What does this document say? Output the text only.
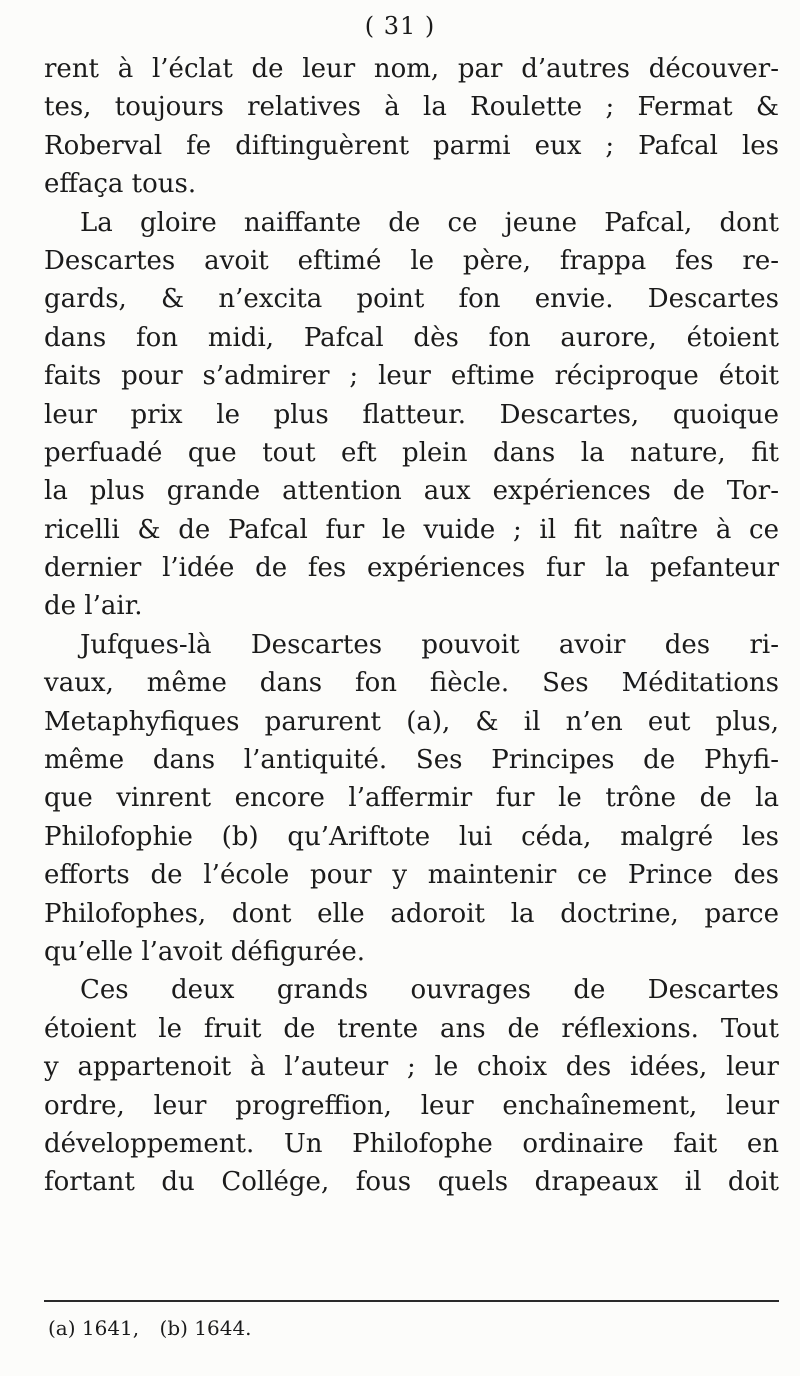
( 31 )
rent à l’éclat de leur nom, par d’autres découver-
tes, toujours relatives à la Roulette ; Fermat &
Roberval fe diftinguèrent parmi eux ; Pafcal les
effaça tous.
La gloire naiffante de ce jeune Pafcal, dont
Descartes avoit eftimé le père, frappa fes re-
gards, & n’excita point fon envie. Descartes
dans fon midi, Pafcal dès fon aurore, étoient
faits pour s’admirer ; leur eftime réciproque étoit
leur prix le plus flatteur. Descartes, quoique
perfuadé que tout eft plein dans la nature, fit
la plus grande attention aux expériences de Tor-
ricelli & de Pafcal fur le vuide ; il fit naître à ce
dernier l’idée de fes expériences fur la pefanteur
de l’air.
Jufques-là Descartes pouvoit avoir des ri-
vaux, même dans fon fiècle. Ses Méditations
Metaphyfiques parurent (a), & il n’en eut plus,
même dans l’antiquité. Ses Principes de Phyfi-
que vinrent encore l’affermir fur le trône de la
Philofophie (b) qu’Ariftote lui céda, malgré les
efforts de l’école pour y maintenir ce Prince des
Philofophes, dont elle adoroit la doctrine, parce
qu’elle l’avoit défigurée.
Ces deux grands ouvrages de Descartes
étoient le fruit de trente ans de réflexions. Tout
y appartenoit à l’auteur ; le choix des idées, leur
ordre, leur progreffion, leur enchaînement, leur
développement. Un Philofophe ordinaire fait en
fortant du Collége, fous quels drapeaux il doit
(a) 1641, (b) 1644.
